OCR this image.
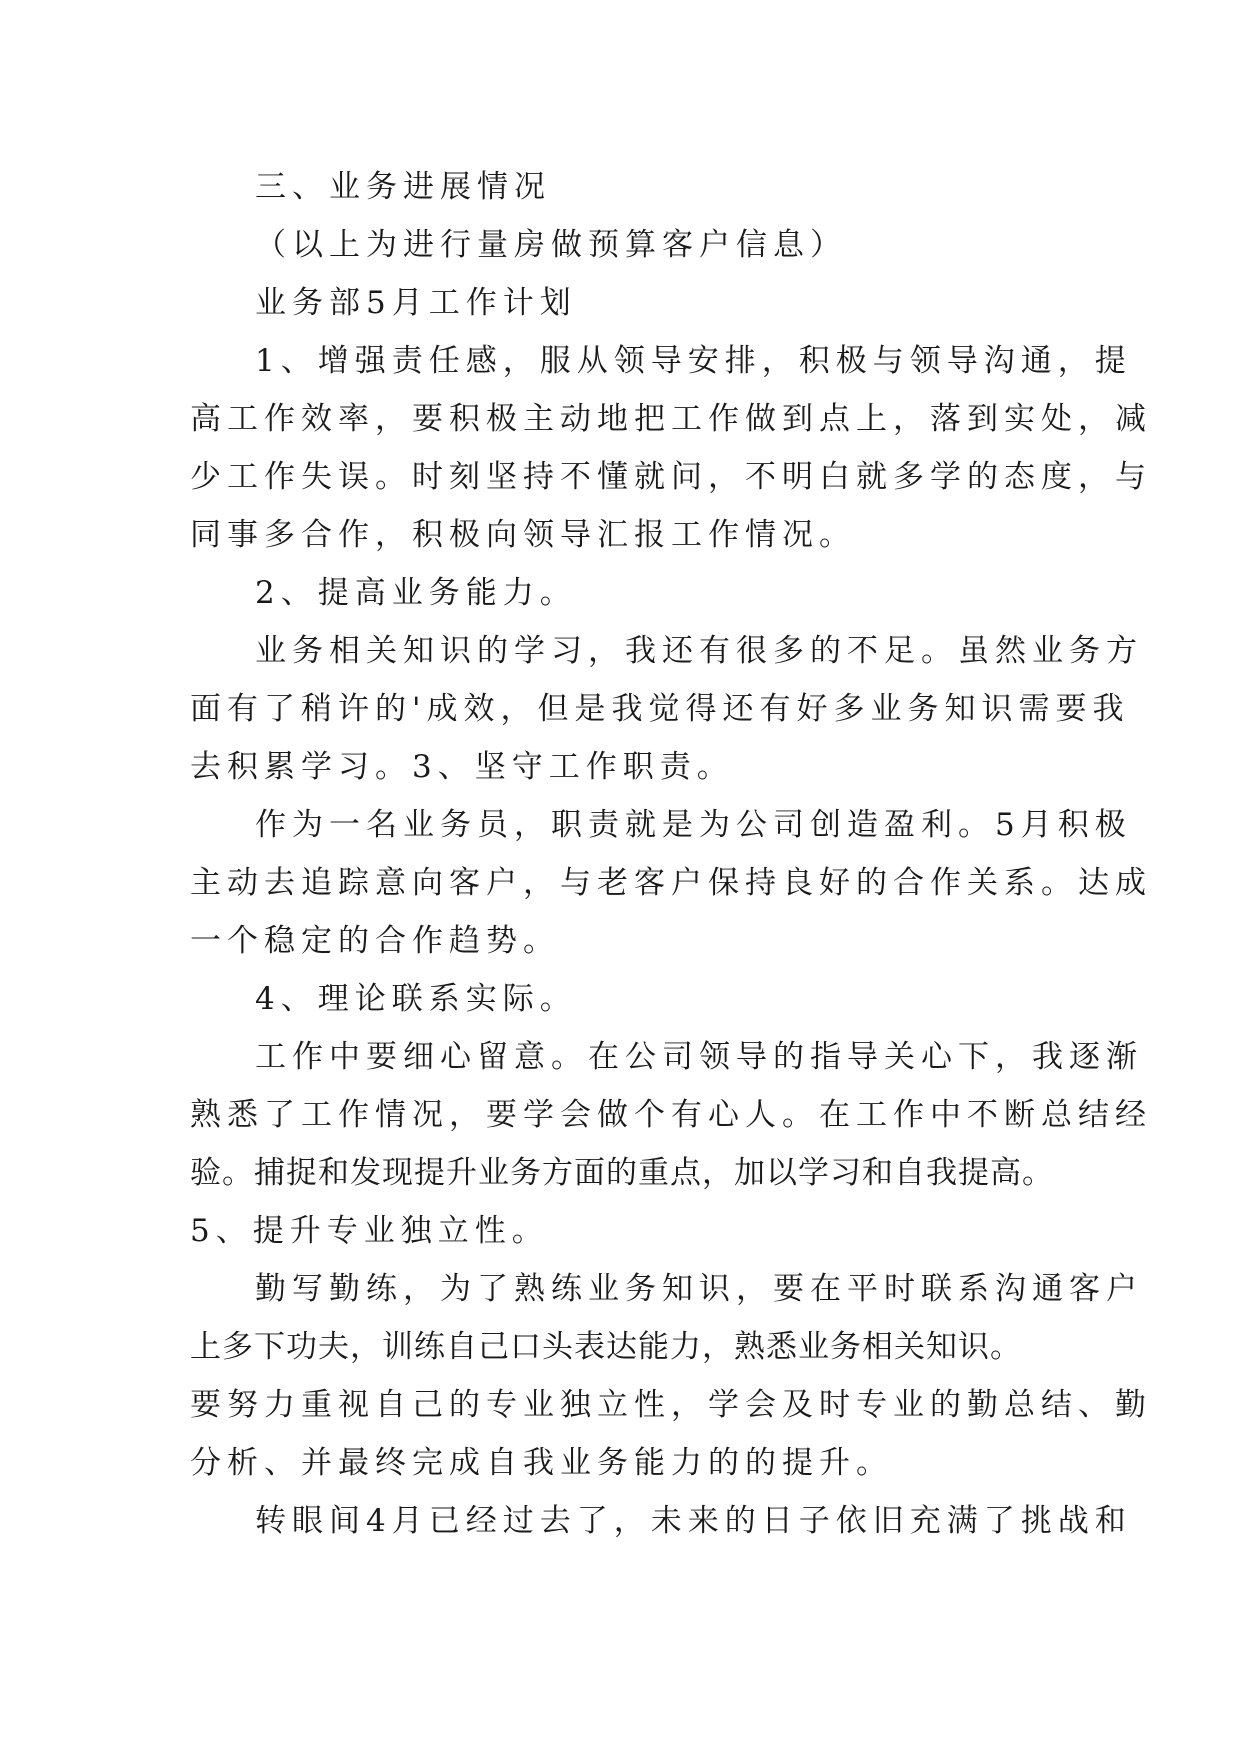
三、业务进展情况
（以上为进行量房做预算客户信息）
业务部5月工作计划
1、增强责任感，服从领导安排，积极与领导沟通，提
高工作效率，要积极主动地把工作做到点上，落到实处，减
少工作失误。时刻坚持不懂就问，不明白就多学的态度，与
同事多合作，积极向领导汇报工作情况。
2、提高业务能力。
业务相关知识的学习，我还有很多的不足。虽然业务方
面有了稍许的'成效，但是我觉得还有好多业务知识需要我
去积累学习。3、坚守工作职责。
作为一名业务员，职责就是为公司创造盈利。5月积极
主动去追踪意向客户，与老客户保持良好的合作关系。达成
一个稳定的合作趋势。
4、理论联系实际。
工作中要细心留意。在公司领导的指导关心下，我逐渐
熟悉了工作情况，要学会做个有心人。在工作中不断总结经
验。捕捉和发现提升业务方面的重点，加以学习和自我提高。
5、提升专业独立性。
勤写勤练，为了熟练业务知识，要在平时联系沟通客户
上多下功夫，训练自己口头表达能力，熟悉业务相关知识。
要努力重视自己的专业独立性，学会及时专业的勤总结、勤
分析、并最终完成自我业务能力的的提升。
转眼间4月已经过去了，未来的日子依旧充满了挑战和
